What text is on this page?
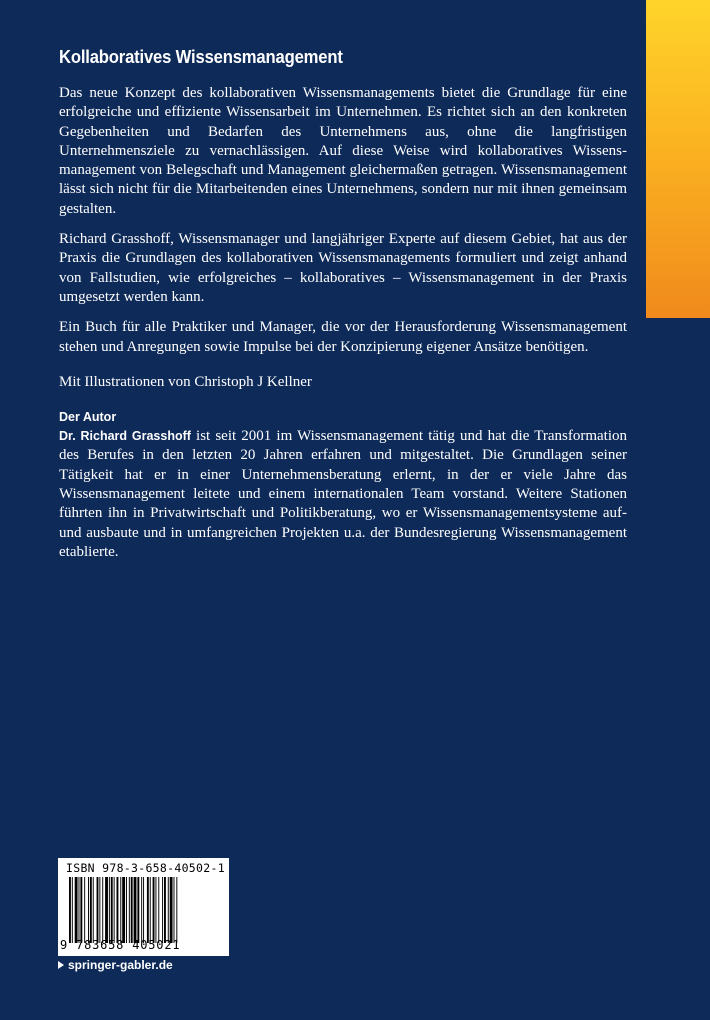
Kollaboratives Wissensmanagement

Das neue Konzept des kollaborativen Wissensmanagements bietet die Grundlage für eine erfolgreiche und effiziente Wissensarbeit im Unternehmen. Es richtet sich an den konkreten Gegebenheiten und Bedarfen des Unternehmens aus, ohne die langfristigen Unternehmensziele zu vernachlässigen. Auf diese Weise wird kollaboratives Wissensmanagement von Belegschaft und Management gleichermaßen getragen. Wissensmanagement lässt sich nicht für die Mitarbeitenden eines Unternehmens, sondern nur mit ihnen gemeinsam gestalten.

Richard Grasshoff, Wissensmanager und langjähriger Experte auf diesem Gebiet, hat aus der Praxis die Grundlagen des kollaborativen Wissensmanagements formuliert und zeigt anhand von Fallstudien, wie erfolgreiches – kollaboratives – Wissensmanagement in der Praxis umgesetzt werden kann.

Ein Buch für alle Praktiker und Manager, die vor der Herausforderung Wissensmanagement stehen und Anregungen sowie Impulse bei der Konzipierung eigener Ansätze benötigen.

Mit Illustrationen von Christoph J Kellner

Der Autor

Dr. Richard Grasshoff ist seit 2001 im Wissensmanagement tätig und hat die Transformation des Berufes in den letzten 20 Jahren erfahren und mitgestaltet. Die Grundlagen seiner Tätigkeit hat er in einer Unternehmensberatung erlernt, in der er viele Jahre das Wissensmanagement leitete und einem internationalen Team vorstand. Weitere Stationen führten ihn in Privatwirtschaft und Politikberatung, wo er Wissensmanagementsysteme auf- und ausbaute und in umfangreichen Projekten u.a. der Bundesregierung Wissensmanagement etablierte.

ISBN 978-3-658-40502-1
9 783658 405021
springer-gabler.de
